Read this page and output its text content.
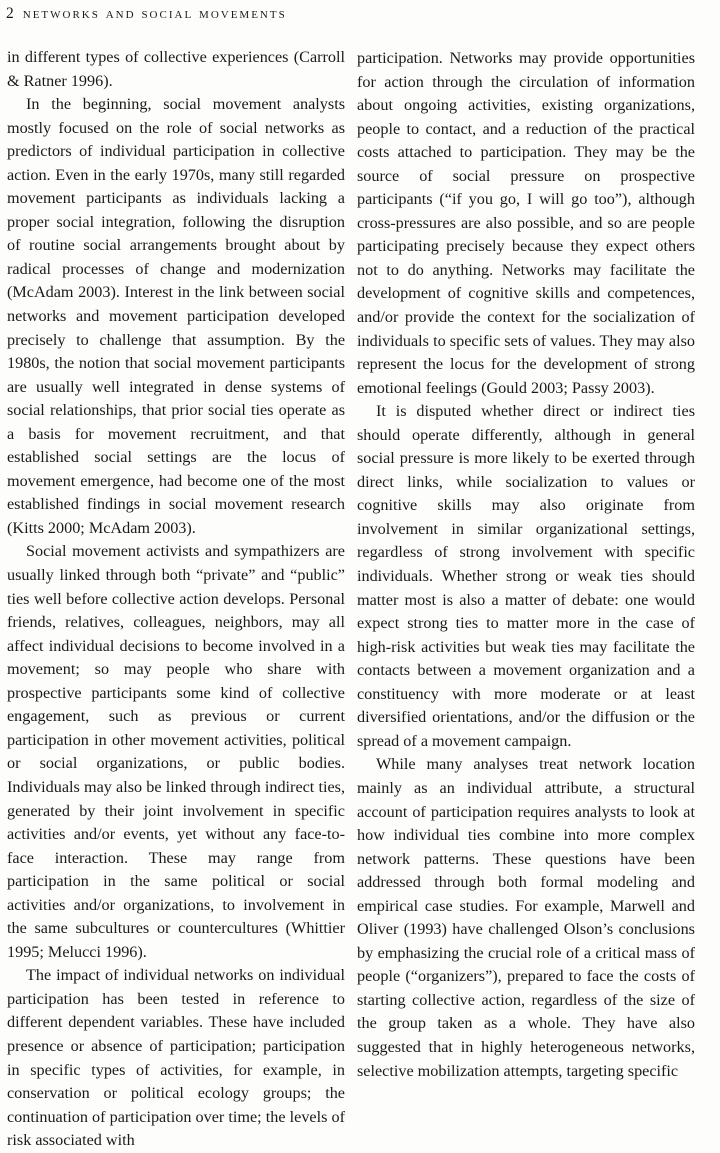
2 networks and social movements

in different types of collective experiences (Carroll & Ratner 1996).

In the beginning, social movement analysts mostly focused on the role of social networks as predictors of individual participation in collective action. Even in the early 1970s, many still regarded movement participants as individuals lacking a proper social integration, following the disruption of routine social arrangements brought about by radical processes of change and modernization (McAdam 2003). Interest in the link between social networks and movement participation developed precisely to challenge that assumption. By the 1980s, the notion that social movement participants are usually well integrated in dense systems of social relationships, that prior social ties operate as a basis for movement recruitment, and that established social settings are the locus of movement emergence, had become one of the most established findings in social movement research (Kitts 2000; McAdam 2003).

Social movement activists and sympathizers are usually linked through both “private” and “public” ties well before collective action develops. Personal friends, relatives, colleagues, neighbors, may all affect individual decisions to become involved in a movement; so may people who share with prospective participants some kind of collective engagement, such as previous or current participation in other movement activities, political or social organizations, or public bodies. Individuals may also be linked through indirect ties, generated by their joint involvement in specific activities and/or events, yet without any face-to-face interaction. These may range from participation in the same political or social activities and/or organizations, to involvement in the same subcultures or countercultures (Whittier 1995; Melucci 1996).

The impact of individual networks on individual participation has been tested in reference to different dependent variables. These have included presence or absence of participation; participation in specific types of activities, for example, in conservation or political ecology groups; the continuation of participation over time; the levels of risk associated with

participation. Networks may provide opportunities for action through the circulation of information about ongoing activities, existing organizations, people to contact, and a reduction of the practical costs attached to participation. They may be the source of social pressure on prospective participants (“if you go, I will go too”), although cross-pressures are also possible, and so are people participating precisely because they expect others not to do anything. Networks may facilitate the development of cognitive skills and competences, and/or provide the context for the socialization of individuals to specific sets of values. They may also represent the locus for the development of strong emotional feelings (Gould 2003; Passy 2003).

It is disputed whether direct or indirect ties should operate differently, although in general social pressure is more likely to be exerted through direct links, while socialization to values or cognitive skills may also originate from involvement in similar organizational settings, regardless of strong involvement with specific individuals. Whether strong or weak ties should matter most is also a matter of debate: one would expect strong ties to matter more in the case of high-risk activities but weak ties may facilitate the contacts between a movement organization and a constituency with more moderate or at least diversified orientations, and/or the diffusion or the spread of a movement campaign.

While many analyses treat network location mainly as an individual attribute, a structural account of participation requires analysts to look at how individual ties combine into more complex network patterns. These questions have been addressed through both formal modeling and empirical case studies. For example, Marwell and Oliver (1993) have challenged Olson’s conclusions by emphasizing the crucial role of a critical mass of people (“organizers”), prepared to face the costs of starting collective action, regardless of the size of the group taken as a whole. They have also suggested that in highly heterogeneous networks, selective mobilization attempts, targeting specific
